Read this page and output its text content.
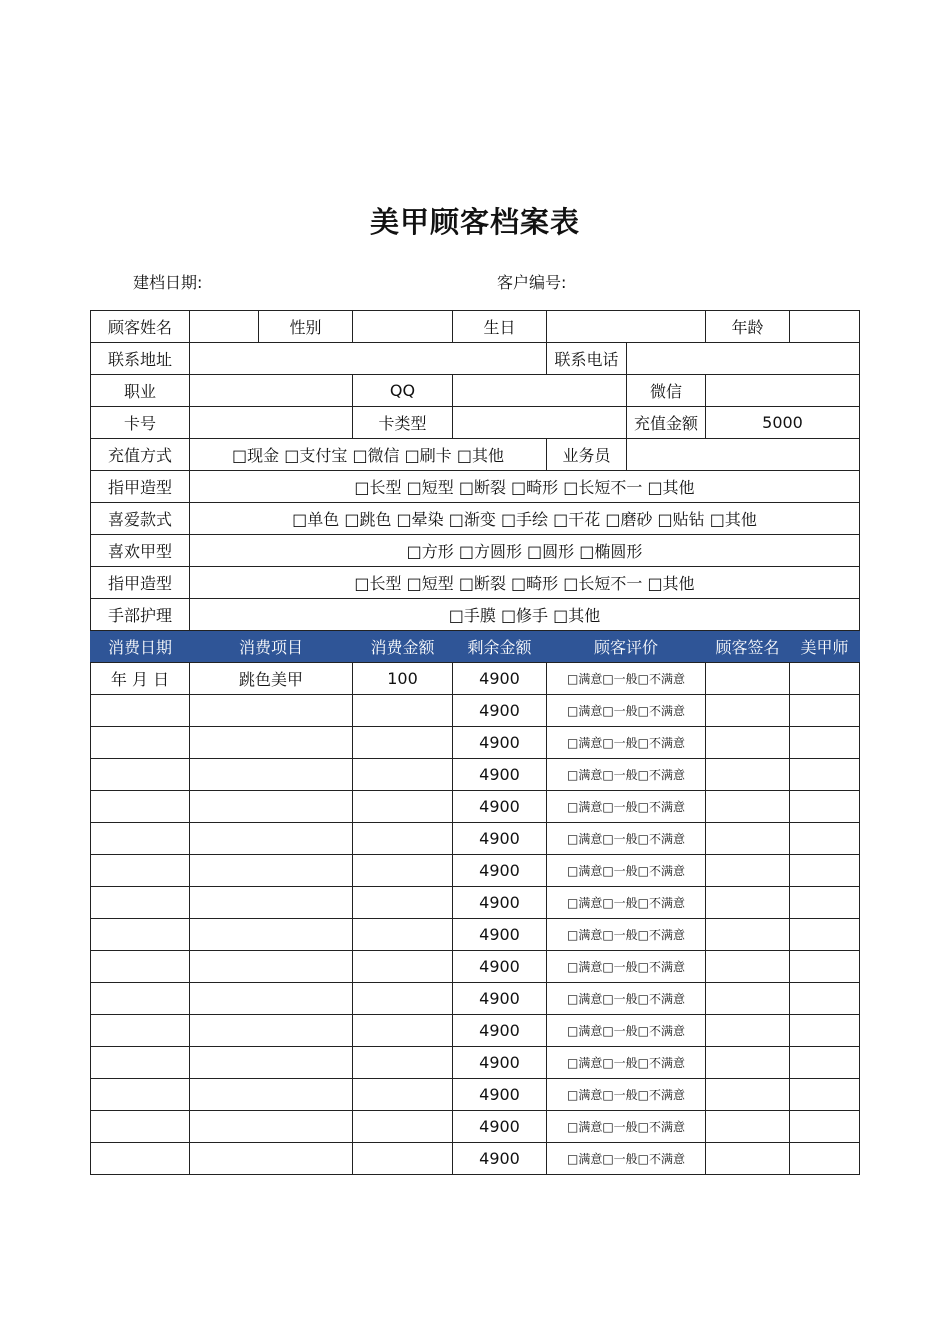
美甲顾客档案表
建档日期:	客户编号:
顾客姓名		性别		生日			年龄	
联系地址					联系电话			
职业			QQ			微信		
卡号			卡类型			充值金额	5000	
充值方式	□现金 □支付宝 □微信 □刷卡 □其他				业务员			
指甲造型	□长型 □短型 □断裂 □畸形 □长短不一 □其他							
喜爱款式	□单色 □跳色 □晕染 □渐变 □手绘 □干花 □磨砂 □贴钻 □其他							
喜欢甲型	□方形 □方圆形 □圆形 □椭圆形							
指甲造型	□长型 □短型 □断裂 □畸形 □长短不一 □其他							
手部护理	□手膜 □修手 □其他							
消费日期	消费项目		消费金额	剩余金额	顾客评价		顾客签名	美甲师
年 月 日	跳色美甲		100	4900	□满意□一般□不满意			
				4900	□满意□一般□不满意			
				4900	□满意□一般□不满意			
				4900	□满意□一般□不满意			
				4900	□满意□一般□不满意			
				4900	□满意□一般□不满意			
				4900	□满意□一般□不满意			
				4900	□满意□一般□不满意			
				4900	□满意□一般□不满意			
				4900	□满意□一般□不满意			
				4900	□满意□一般□不满意			
				4900	□满意□一般□不满意			
				4900	□满意□一般□不满意			
				4900	□满意□一般□不满意			
				4900	□满意□一般□不满意			
				4900	□满意□一般□不满意			
